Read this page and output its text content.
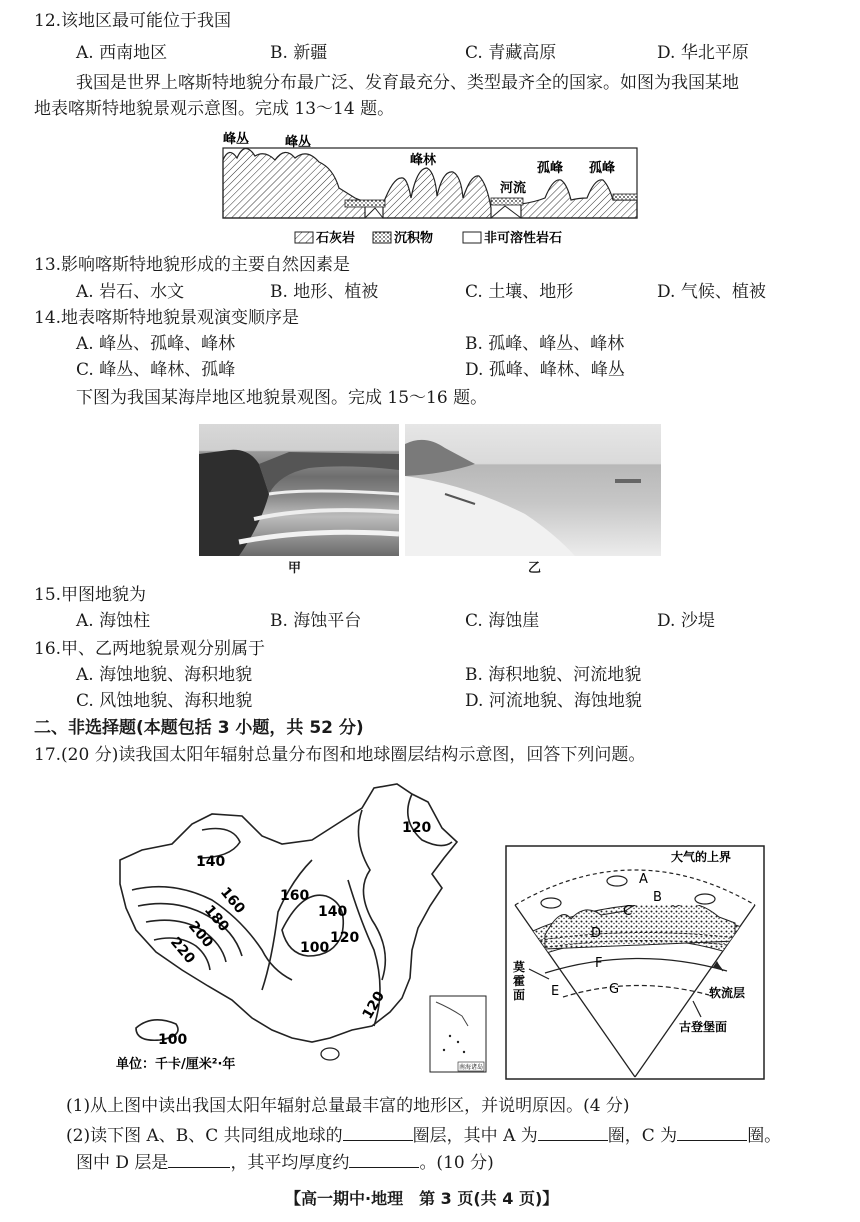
12.该地区最可能位于我国
A. 西南地区	B. 新疆	C. 青藏高原	D. 华北平原
我国是世界上喀斯特地貌分布最广泛、发育最充分、类型最齐全的国家。如图为我国某地
地表喀斯特地貌景观示意图。完成 13～14 题。
峰丛	峰丛
峰林
河流
孤峰 孤峰
石灰岩	沉积物	非可溶性岩石
13.影响喀斯特地貌形成的主要自然因素是
A. 岩石、水文	B. 地形、植被	C. 土壤、地形	D. 气候、植被
14.地表喀斯特地貌景观演变顺序是
A. 峰丛、孤峰、峰林	B. 孤峰、峰丛、峰林
C. 峰丛、峰林、孤峰	D. 孤峰、峰林、峰丛
下图为我国某海岸地区地貌景观图。完成 15～16 题。
甲	乙
15.甲图地貌为
A. 海蚀柱	B. 海蚀平台	C. 海蚀崖	D. 沙堤
16.甲、乙两地貌景观分别属于
A. 海蚀地貌、海积地貌	B. 海积地貌、河流地貌
C. 风蚀地貌、海积地貌	D. 河流地貌、海蚀地貌
二、非选择题(本题包括 3 小题，共 52 分)
17.(20 分)读我国太阳年辐射总量分布图和地球圈层结构示意图，回答下列问题。
120
140
160 160
180
200
220
140
100
120
120
100
单位：千卡/厘米²·年	南海诸岛
大气的上界
A
B
C
D
E
F
G
莫
霍
面	软流层
古登堡面
(1)从上图中读出我国太阳年辐射总量最丰富的地形区，并说明原因。(4 分)
(2)读下图 A、B、C 共同组成地球的	圈层，其中 A 为	圈，C 为	圈。
图中 D 层是	，其平均厚度约	。(10 分)
【高一期中·地理　第 3 页(共 4 页)】
